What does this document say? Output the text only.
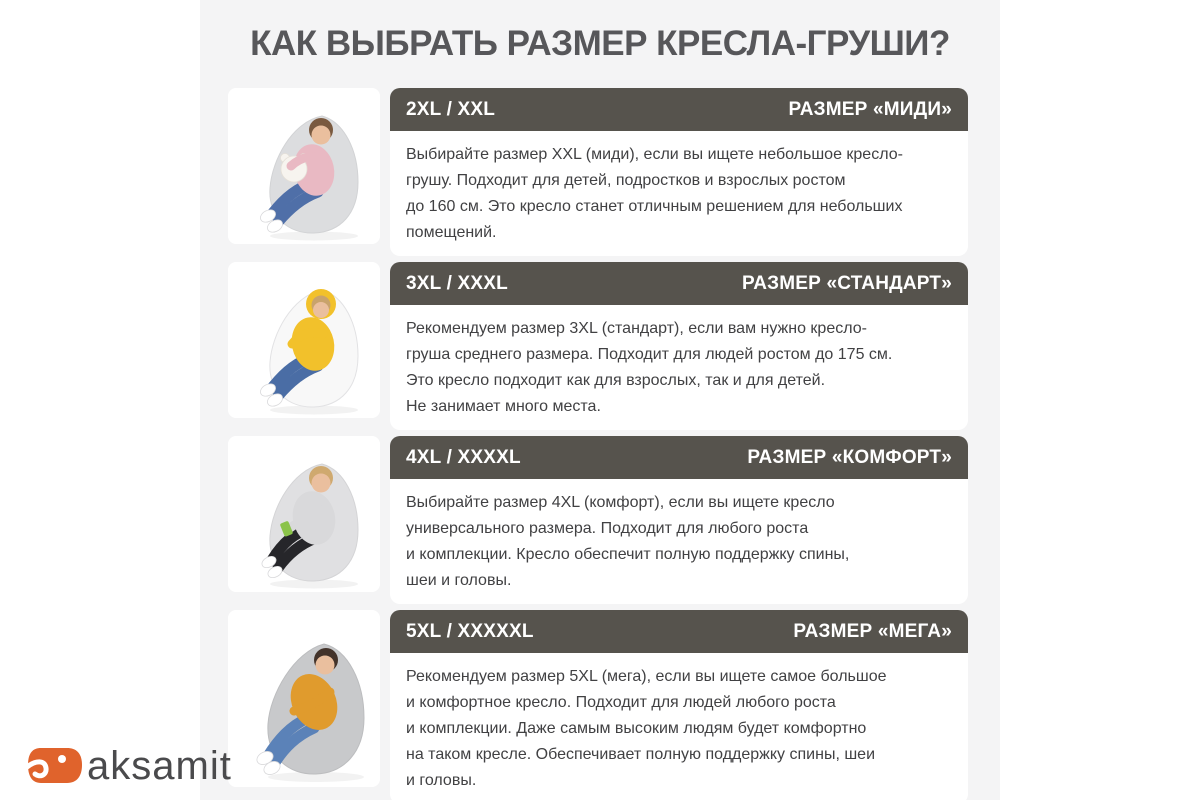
КАК ВЫБРАТЬ РАЗМЕР КРЕСЛА-ГРУШИ?
2XL / XXL	РАЗМЕР «МИДИ»

Выбирайте размер XXL (миди), если вы ищете небольшое кресло-
грушу. Подходит для детей, подростков и взрослых ростом
до 160 см. Это кресло станет отличным решением для небольших
помещений.

3XL / XXXL	РАЗМЕР «СТАНДАРТ»

Рекомендуем размер 3XL (стандарт), если вам нужно кресло-
груша среднего размера. Подходит для людей ростом до 175 см.
Это кресло подходит как для взрослых, так и для детей.
Не занимает много места.

4XL / XXXXL	РАЗМЕР «КОМФОРТ»

Выбирайте размер 4XL (комфорт), если вы ищете кресло
универсального размера. Подходит для любого роста
и комплекции. Кресло обеспечит полную поддержку спины,
шеи и головы.

5XL / XXXXXL	РАЗМЕР «МЕГА»

Рекомендуем размер 5XL (мега), если вы ищете самое большое
и комфортное кресло. Подходит для людей любого роста
и комплекции. Даже самым высоким людям будет комфортно
на таком кресле. Обеспечивает полную поддержку спины, шеи
и головы.

aksamit
